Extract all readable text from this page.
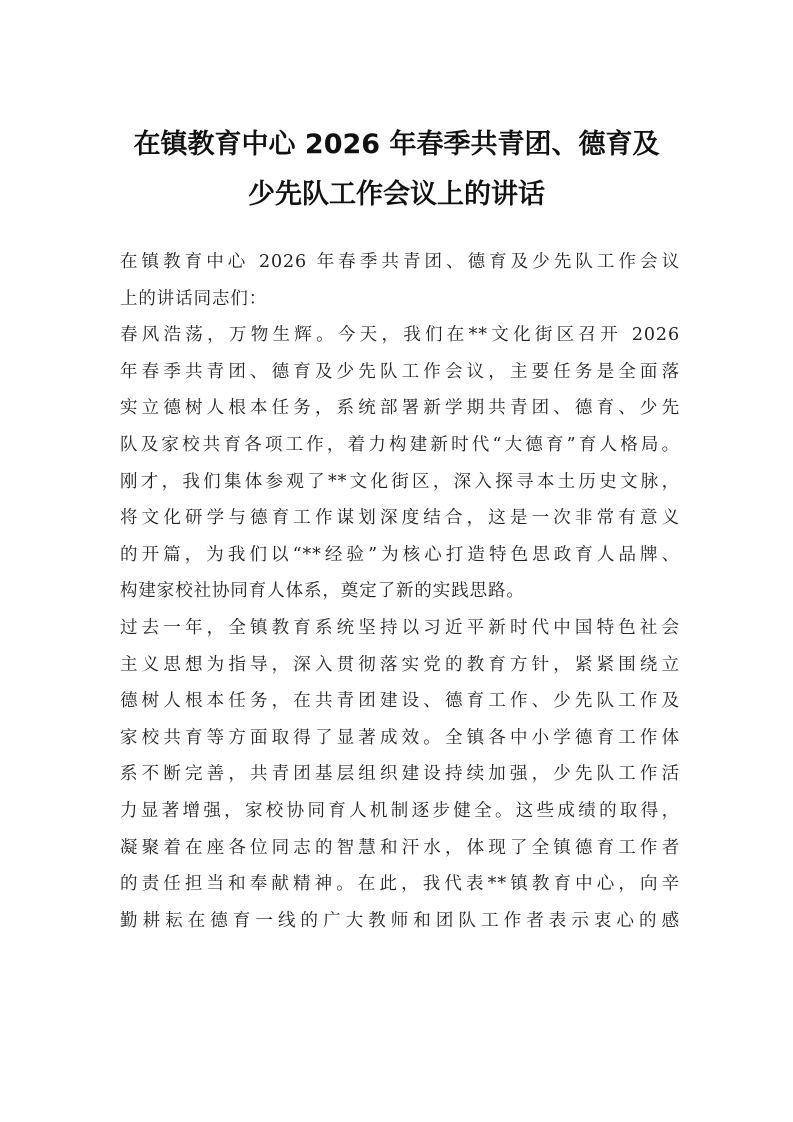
在镇教育中心 2026 年春季共青团、德育及
少先队工作会议上的讲话

在镇教育中心 2026 年春季共青团、德育及少先队工作会议

上的讲话同志们：

春风浩荡，万物生辉。今天，我们在**文化街区召开 2026

年春季共青团、德育及少先队工作会议，主要任务是全面落

实立德树人根本任务，系统部署新学期共青团、德育、少先

队及家校共育各项工作，着力构建新时代“大德育”育人格局。

刚才，我们集体参观了**文化街区，深入探寻本土历史文脉，

将文化研学与德育工作谋划深度结合，这是一次非常有意义

的开篇，为我们以“**经验”为核心打造特色思政育人品牌、

构建家校社协同育人体系，奠定了新的实践思路。

过去一年，全镇教育系统坚持以习近平新时代中国特色社会

主义思想为指导，深入贯彻落实党的教育方针，紧紧围绕立

德树人根本任务，在共青团建设、德育工作、少先队工作及

家校共育等方面取得了显著成效。全镇各中小学德育工作体

系不断完善，共青团基层组织建设持续加强，少先队工作活

力显著增强，家校协同育人机制逐步健全。这些成绩的取得，

凝聚着在座各位同志的智慧和汗水，体现了全镇德育工作者

的责任担当和奉献精神。在此，我代表**镇教育中心，向辛

勤耕耘在德育一线的广大教师和团队工作者表示衷心的感
